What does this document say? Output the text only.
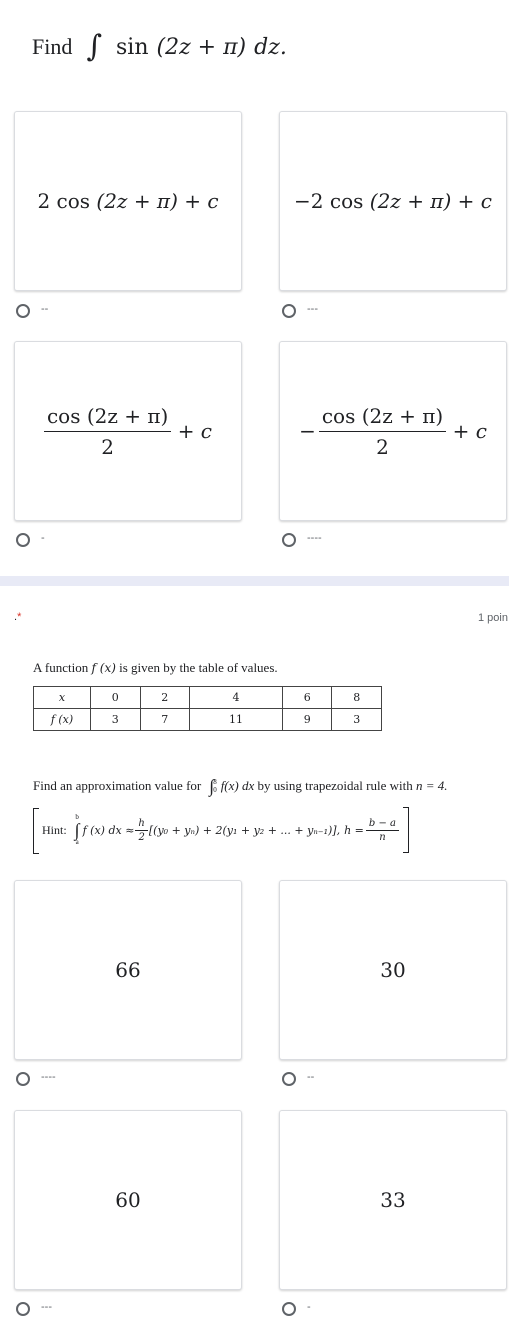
Find ∫ sin (2z + π) dz.
2 cos
(2z + π)
+ c	−2 cos
(2z + π)
+ c
--	---
$\frac{\cos (2z + \pi)}{2}$
+ c	− $\frac{\cos (2z + \pi)}{2}$
+ c
-	----
.*	1 poin
A function f (x) is given by the table of values.
x	0	2	4	6	8
f (x)	3	7	11	9	3
Find an approximation value for ∫ 8
0 f(x) dx
by using trapezoidal rule with
n = 4.
Hint:
b
∫
a
f (x) dx ≈ $\frac{h}{2} [(y_0 + y_n) + 2(y_1 + y_2$ + ... + yₙ₋₁)], $h = \frac{b - a}{n}$
66	30
----	--
60	33
---	-
